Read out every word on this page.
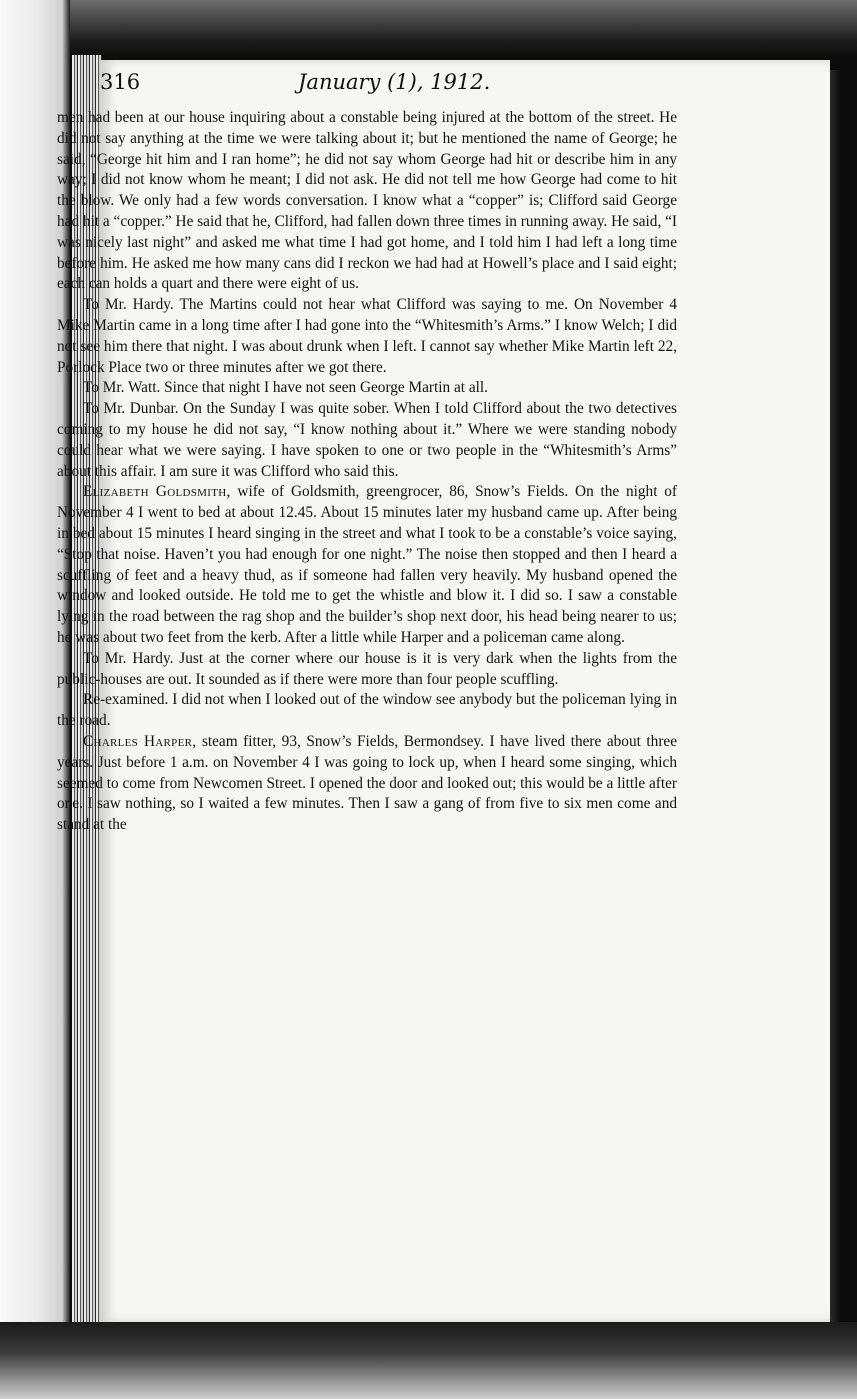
316	January (1), 1912.

men had been at our house inquiring about a constable being injured at the bottom of the street. He did not say anything at the time we were talking about it; but he mentioned the name of George; he said, “George hit him and I ran home”; he did not say whom George had hit or describe him in any way; I did not know whom he meant; I did not ask. He did not tell me how George had come to hit the blow. We only had a few words conversation. I know what a “copper” is; Clifford said George had hit a “copper.” He said that he, Clifford, had fallen down three times in running away. He said, “I was nicely last night” and asked me what time I had got home, and I told him I had left a long time before him. He asked me how many cans did I reckon we had had at Howell’s place and I said eight; each can holds a quart and there were eight of us.

To Mr. Hardy. The Martins could not hear what Clifford was saying to me. On November 4 Mike Martin came in a long time after I had gone into the “Whitesmith’s Arms.” I know Welch; I did not see him there that night. I was about drunk when I left. I cannot say whether Mike Martin left 22, Porlock Place two or three minutes after we got there.

To Mr. Watt. Since that night I have not seen George Martin at all.

To Mr. Dunbar. On the Sunday I was quite sober. When I told Clifford about the two detectives coming to my house he did not say, “I know nothing about it.” Where we were standing nobody could hear what we were saying. I have spoken to one or two people in the “Whitesmith’s Arms” about this affair. I am sure it was Clifford who said this.

Elizabeth Goldsmith, wife of Goldsmith, greengrocer, 86, Snow’s Fields. On the night of November 4 I went to bed at about 12.45. About 15 minutes later my husband came up. After being in bed about 15 minutes I heard singing in the street and what I took to be a constable’s voice saying, “Stop that noise. Haven’t you had enough for one night.” The noise then stopped and then I heard a scuffling of feet and a heavy thud, as if someone had fallen very heavily. My husband opened the window and looked outside. He told me to get the whistle and blow it. I did so. I saw a constable lying in the road between the rag shop and the builder’s shop next door, his head being nearer to us; he was about two feet from the kerb. After a little while Harper and a policeman came along.

To Mr. Hardy. Just at the corner where our house is it is very dark when the lights from the public-houses are out. It sounded as if there were more than four people scuffling.

Re-examined. I did not when I looked out of the window see anybody but the policeman lying in the road.

Charles Harper, steam fitter, 93, Snow’s Fields, Bermondsey. I have lived there about three years. Just before 1 a.m. on November 4 I was going to lock up, when I heard some singing, which seemed to come from Newcomen Street. I opened the door and looked out; this would be a little after one. I saw nothing, so I waited a few minutes. Then I saw a gang of from five to six men come and stand at the
